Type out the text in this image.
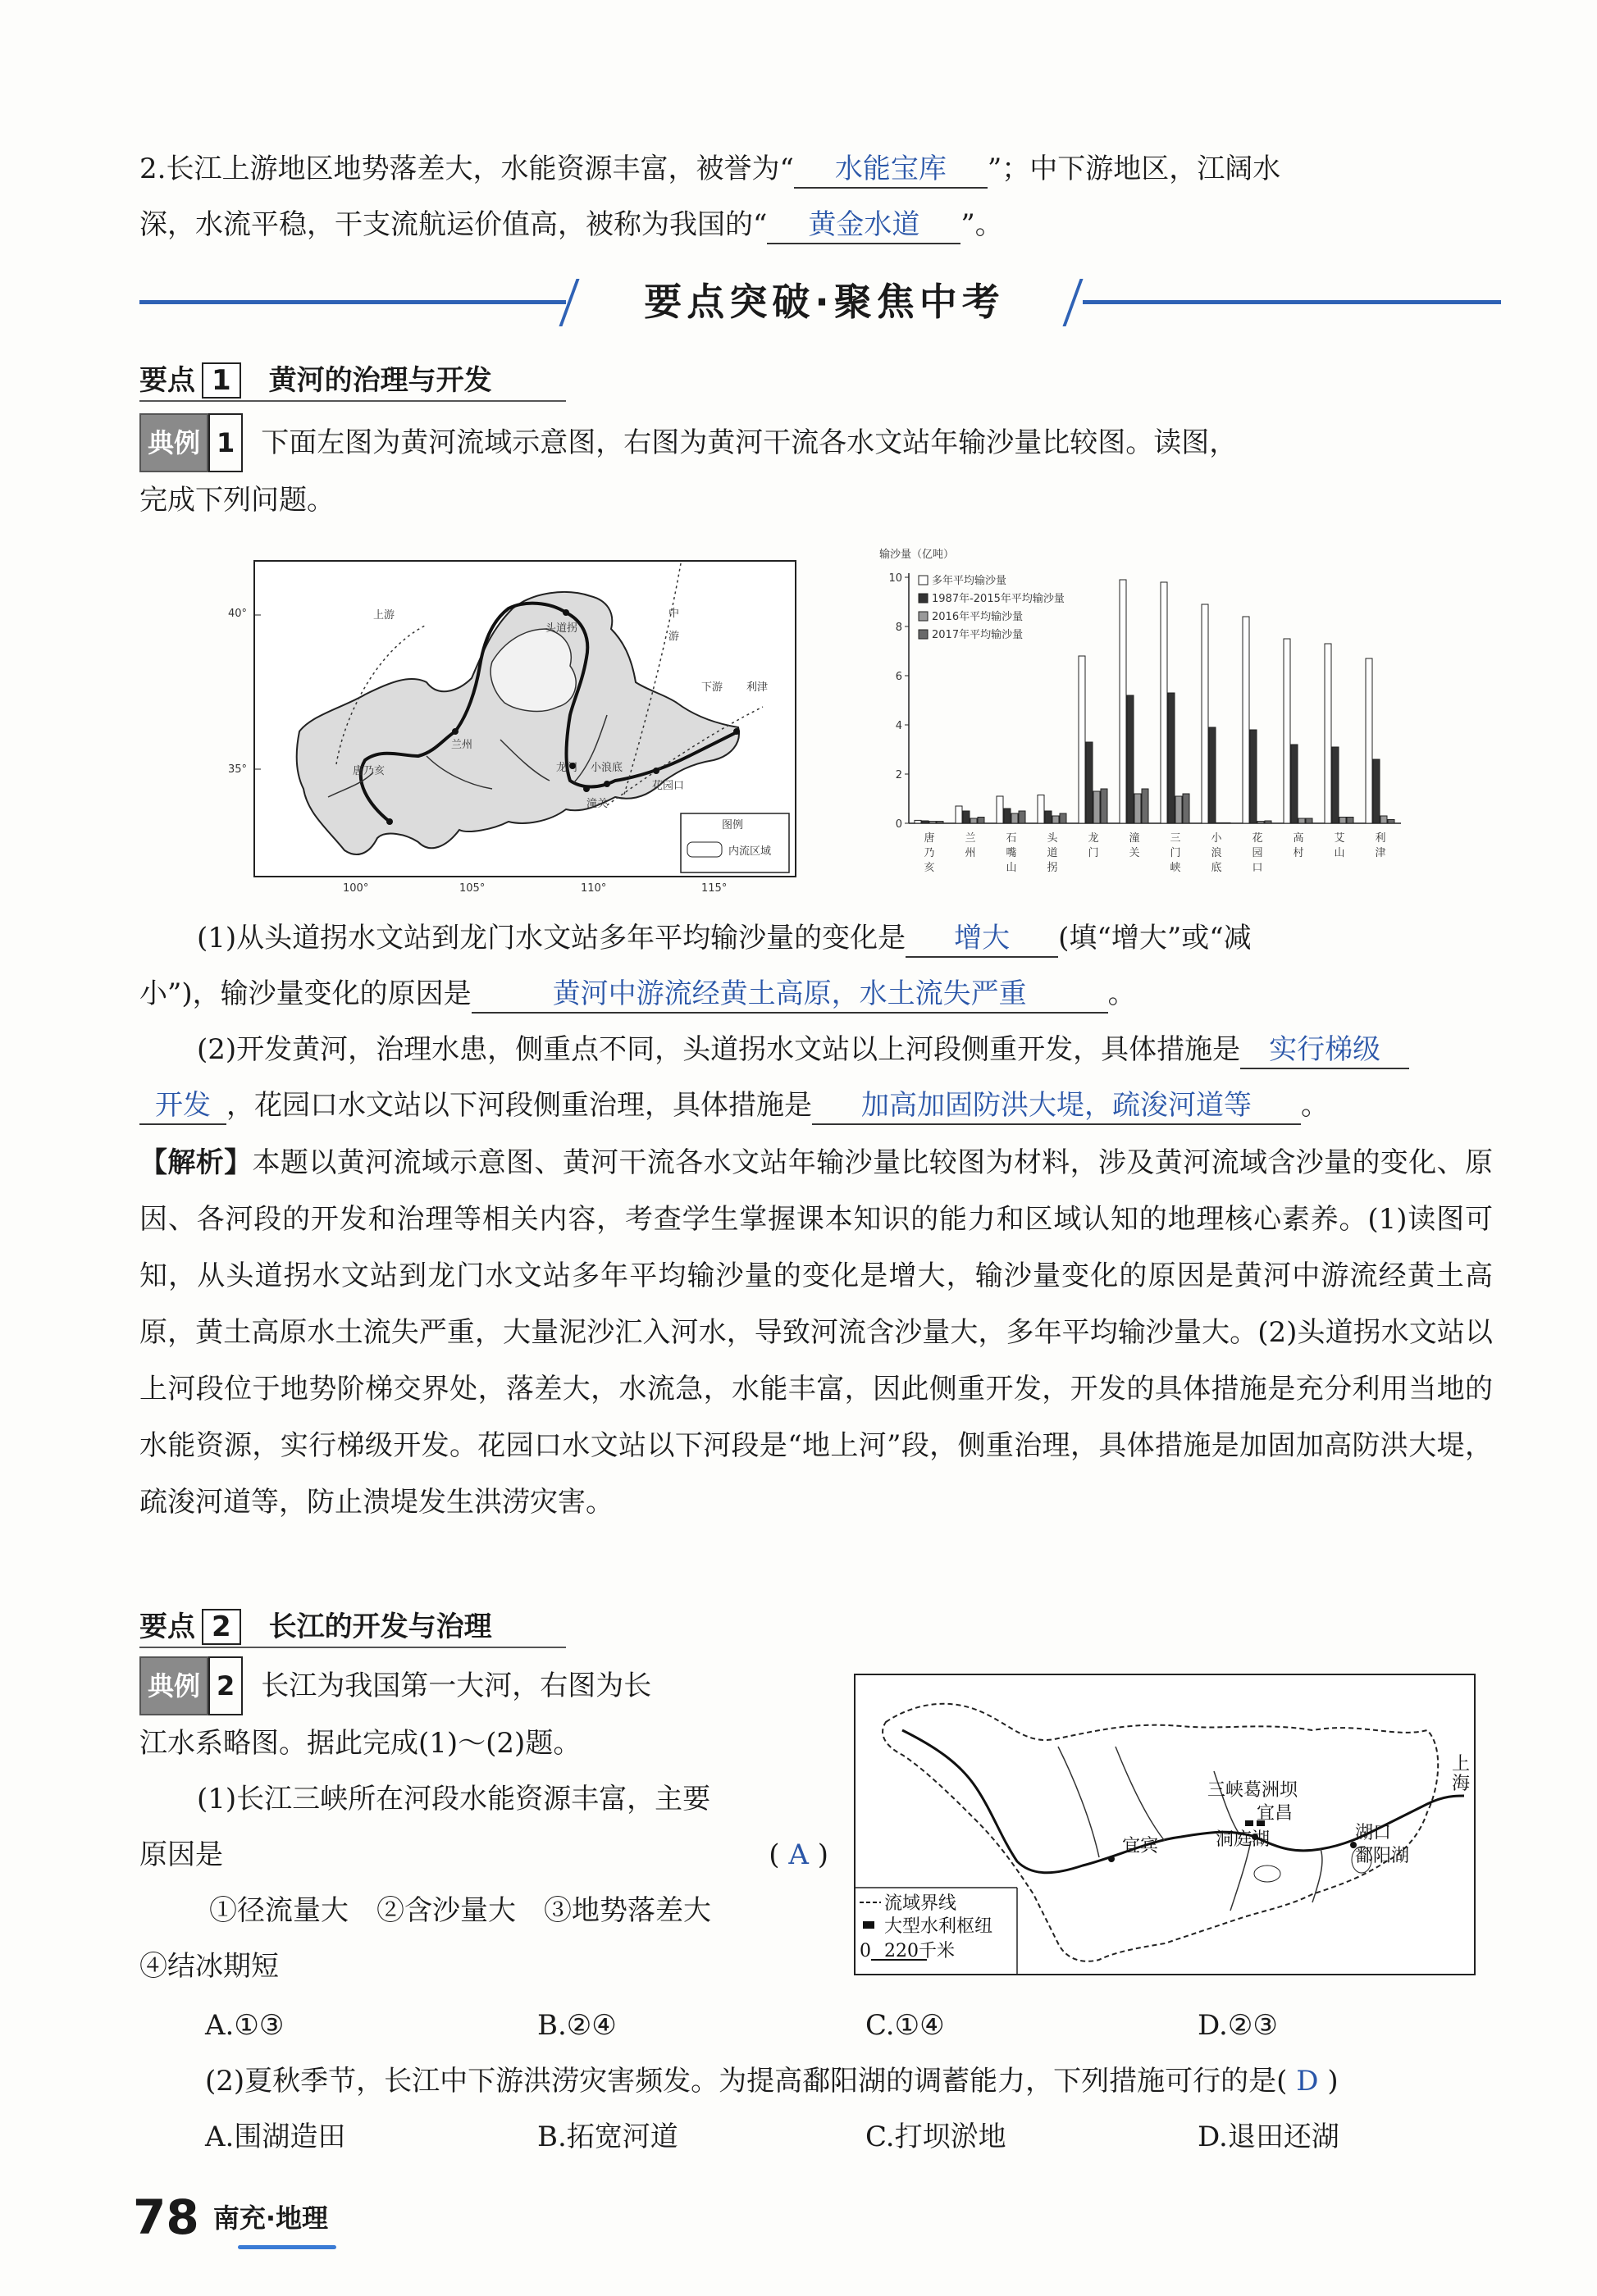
2.长江上游地区地势落差大，水能资源丰富，被誉为“ 水能宝库 ”；中下游地区，江阔水
深，水流平稳，干支流航运价值高，被称为我国的“ 黄金水道 ”。
要点突破·聚焦中考
要点 1 黄河的治理与开发
典例 1 下面左图为黄河流域示意图，右图为黄河干流各水文站年输沙量比较图。读图，
完成下列问题。
40°
35°
100°	105°	110°	115°
上游	中
游
下游
头道拐
兰州
唐乃亥	龙门 小浪底
花园口
潼关
利津
图例
内流区域
输沙量（亿吨）
0
2
4
6
8
10	多年平均输沙量
1987年-2015年平均输沙量
2016年平均输沙量
2017年平均输沙量
唐
乃
亥
兰
州
石
嘴
山
头
道
拐
龙
门
潼
关
三
门
峡
小
浪
底
花
园
口
高
村
艾
山
利
津
(1)从头道拐水文站到龙门水文站多年平均输沙量的变化是 增大 (填“增大”或“减
小”)，输沙量变化的原因是	黄河中游流经黄土高原，水土流失严重	。
(2)开发黄河，治理水患，侧重点不同，头道拐水文站以上河段侧重开发，具体措施是 实行梯级
开发 ，花园口水文站以下河段侧重治理，具体措施是 加高加固防洪大堤，疏浚河道等 。
【解析】本题以黄河流域示意图、黄河干流各水文站年输沙量比较图为材料，涉及黄河流域含沙量的变化、原因、各河段的开发和治理等相关内容，考查学生掌握课本知识的能力和区域认知的地理核心素养。(1)读图可知，从头道拐水文站到龙门水文站多年平均输沙量的变化是增大，输沙量变化的原因是黄河中游流经黄土高原，黄土高原水土流失严重，大量泥沙汇入河水，导致河流含沙量大，多年平均输沙量大。(2)头道拐水文站以上河段位于地势阶梯交界处，落差大，水流急，水能丰富，因此侧重开发，开发的具体措施是充分利用当地的水能资源，实行梯级开发。花园口水文站以下河段是“地上河”段，侧重治理，具体措施是加固加高防洪大堤，疏浚河道等，防止溃堤发生洪涝灾害。
要点 2 长江的开发与治理
典例 2 长江为我国第一大河，右图为长
江水系略图。据此完成(1)～(2)题。
(1)长江三峡所在河段水能资源丰富，主要
原因是	( A )

①径流量大　②含沙量大　③地势落差大
④结冰期短
三峡葛洲坝
宜昌
宜宾	洞庭湖	湖口
鄱阳湖
上
海
流域界线
大型水利枢纽
0 220千米
A.①③	B.②④	C.①④	D.②③
(2)夏秋季节，长江中下游洪涝灾害频发。为提高鄱阳湖的调蓄能力，下列措施可行的是( D )
A.围湖造田	B.拓宽河道	C.打坝淤地	D.退田还湖
78 南充·地理
